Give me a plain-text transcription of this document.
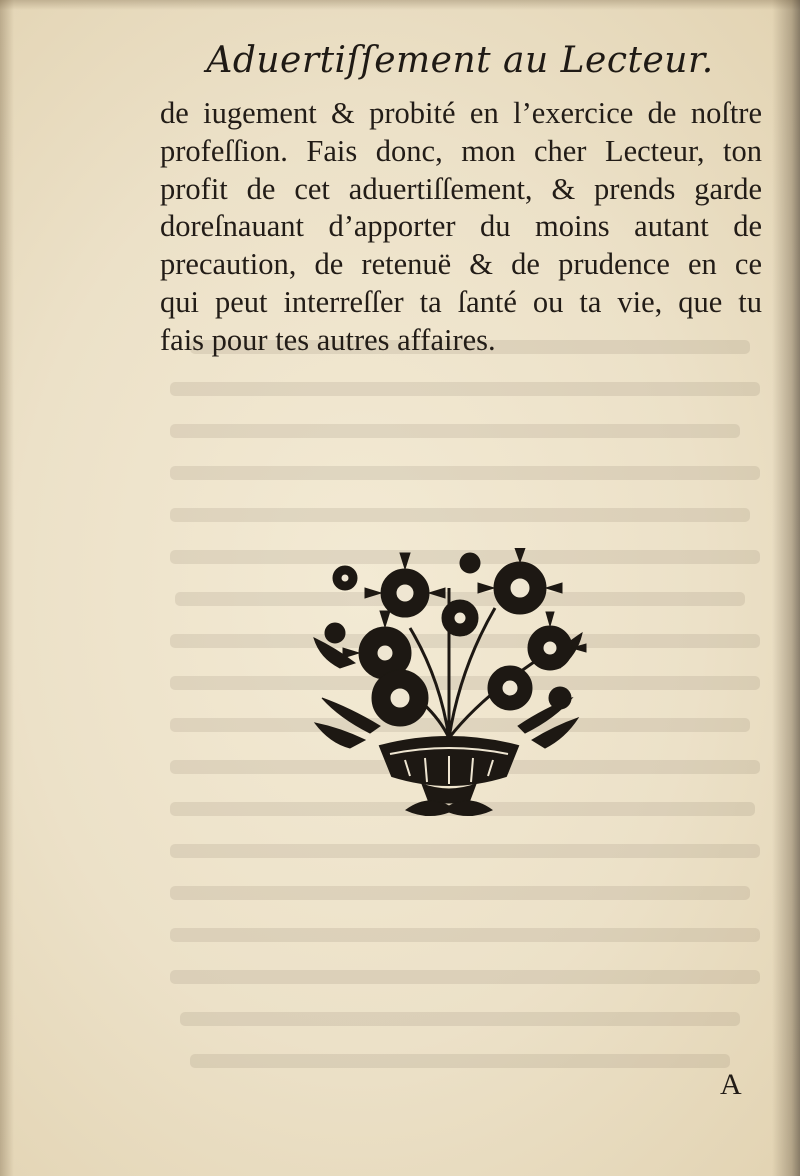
Aduertiſſement au Lecteur.
de iugement & probité en l’exercice de noſtre
profeſſion. Fais donc, mon cher Lecteur, ton
profit de cet aduertiſſement, & prends garde
doreſnauant d’apporter du moins autant de
precaution, de retenuë & de prudence en ce
qui peut interreſſer ta ſanté ou ta vie, que tu
fais pour tes autres affaires.
A
